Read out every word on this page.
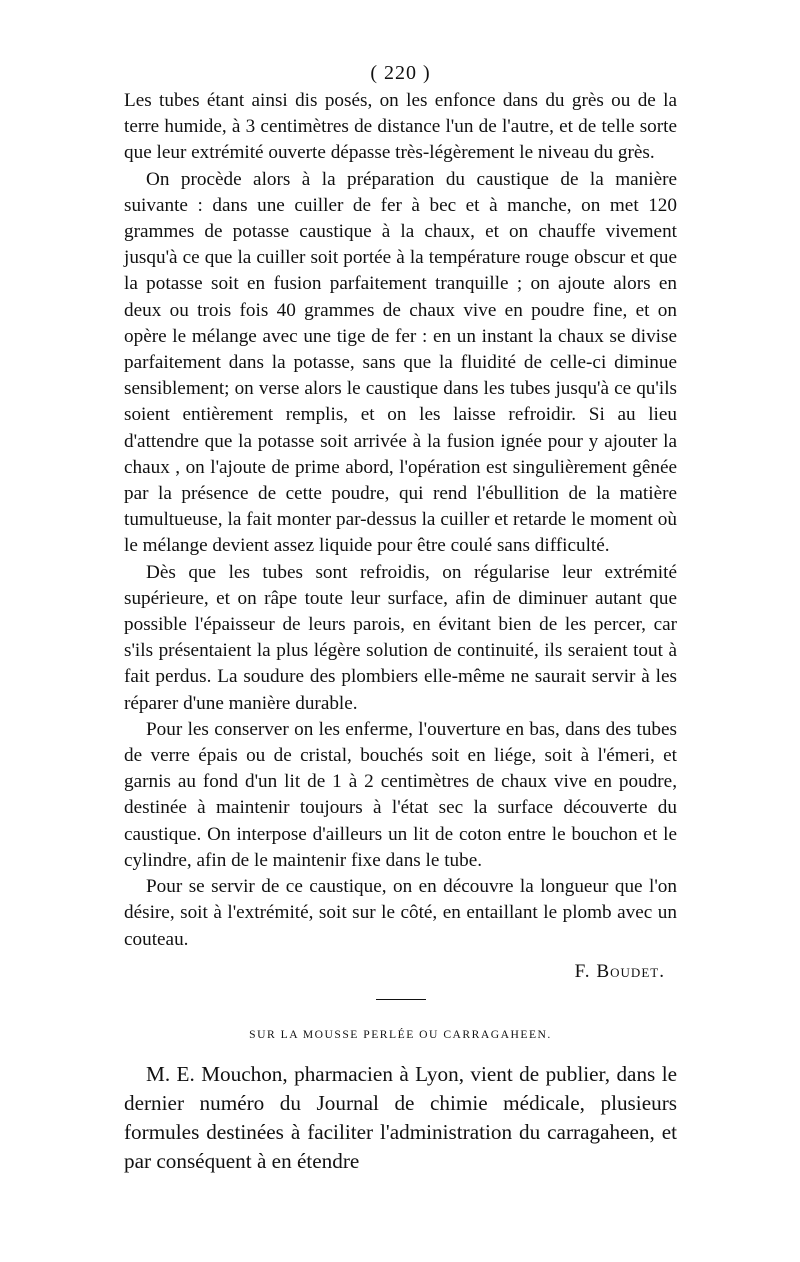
( 220 )

Les tubes étant ainsi dis posés, on les enfonce dans du grès ou de la terre humide, à 3 centimètres de distance l'un de l'autre, et de telle sorte que leur extrémité ouverte dépasse très-légèrement le niveau du grès.

On procède alors à la préparation du caustique de la manière suivante : dans une cuiller de fer à bec et à manche, on met 120 grammes de potasse caustique à la chaux, et on chauffe vivement jusqu'à ce que la cuiller soit portée à la température rouge obscur et que la potasse soit en fusion parfaitement tranquille ; on ajoute alors en deux ou trois fois 40 grammes de chaux vive en poudre fine, et on opère le mélange avec une tige de fer : en un instant la chaux se divise parfaitement dans la potasse, sans que la fluidité de celle-ci diminue sensiblement; on verse alors le caustique dans les tubes jusqu'à ce qu'ils soient entièrement remplis, et on les laisse refroidir. Si au lieu d'attendre que la potasse soit arrivée à la fusion ignée pour y ajouter la chaux , on l'ajoute de prime abord, l'opération est singulièrement gênée par la présence de cette poudre, qui rend l'ébullition de la matière tumultueuse, la fait monter par-dessus la cuiller et retarde le moment où le mélange devient assez liquide pour être coulé sans difficulté.

Dès que les tubes sont refroidis, on régularise leur extrémité supérieure, et on râpe toute leur surface, afin de diminuer autant que possible l'épaisseur de leurs parois, en évitant bien de les percer, car s'ils présentaient la plus légère solution de continuité, ils seraient tout à fait perdus. La soudure des plombiers elle-même ne saurait servir à les réparer d'une manière durable.

Pour les conserver on les enferme, l'ouverture en bas, dans des tubes de verre épais ou de cristal, bouchés soit en liége, soit à l'émeri, et garnis au fond d'un lit de 1 à 2 centimètres de chaux vive en poudre, destinée à maintenir toujours à l'état sec la surface découverte du caustique. On interpose d'ailleurs un lit de coton entre le bouchon et le cylindre, afin de le maintenir fixe dans le tube.

Pour se servir de ce caustique, on en découvre la longueur que l'on désire, soit à l'extrémité, soit sur le côté, en entaillant le plomb avec un couteau.

F. Boudet.

SUR LA MOUSSE PERLÉE OU CARRAGAHEEN.

M. E. Mouchon, pharmacien à Lyon, vient de publier, dans le dernier numéro du Journal de chimie médicale, plusieurs formules destinées à faciliter l'administration du carragaheen, et par conséquent à en étendre
